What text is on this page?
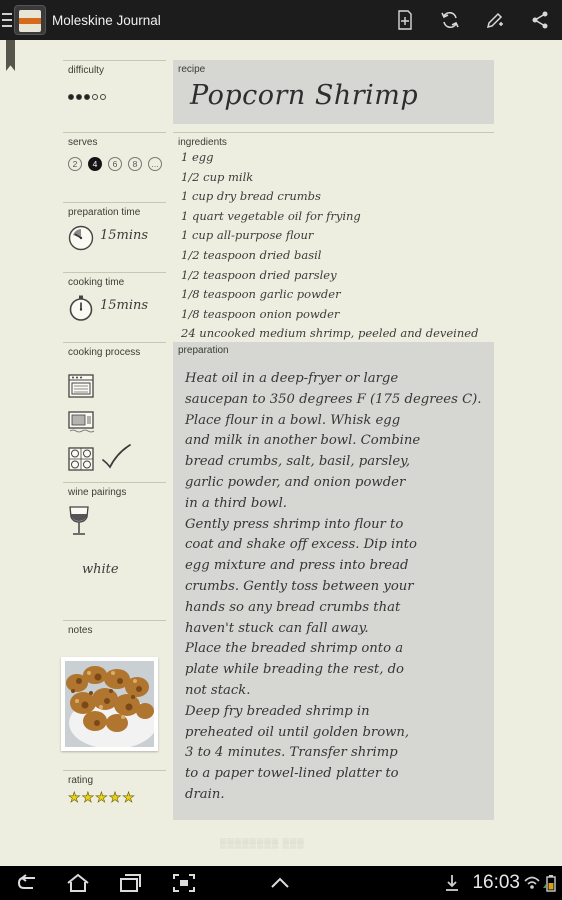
Moleskine Journal
difficulty	recipe
Popcorn Shrimp
serves
2	4	6	8	...
ingredients
1 egg
1/2 cup milk
1 cup dry bread crumbs
1 quart vegetable oil for frying
1 cup all-purpose flour
1/2 teaspoon dried basil
1/2 teaspoon dried parsley
1/8 teaspoon garlic powder
1/8 teaspoon onion powder
24 uncooked medium shrimp, peeled and deveined
preparation time
15mins
cooking time
15mins
cooking process	preparation
Heat oil in a deep-fryer or large
saucepan to 350 degrees F (175 degrees C).
Place flour in a bowl. Whisk egg
and milk in another bowl. Combine
bread crumbs, salt, basil, parsley,
garlic powder, and onion powder
in a third bowl.
Gently press shrimp into flour to
coat and shake off excess. Dip into
egg mixture and press into bread
crumbs. Gently toss between your
hands so any bread crumbs that
haven't stuck can fall away.
Place the breaded shrimp onto a
plate while breading the rest, do
not stack.
Deep fry breaded shrimp in
preheated oil until golden brown,
3 to 4 minutes. Transfer shrimp
to a paper towel-lined platter to
drain.
wine pairings
white
notes
rating
★ ★ ★ ★ ★
▒▒▒▒▒▒▒▒ ▒▒▒
16:03
